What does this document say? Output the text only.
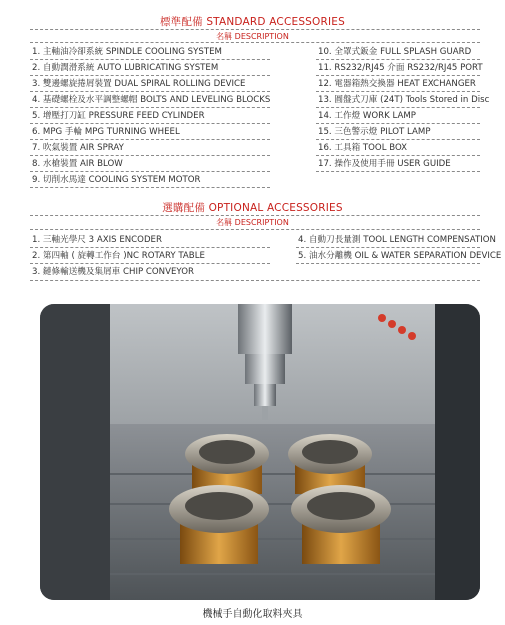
標準配備 STANDARD ACCESSORIES
名稱 DESCRIPTION
1. 主軸油冷卻系統 SPINDLE COOLING SYSTEM
2. 自動潤滑系統 AUTO LUBRICATING SYSTEM
3. 雙邊螺旋捲屑裝置 DUAL SPIRAL ROLLING DEVICE
4. 基礎螺栓及水平調整螺帽 BOLTS AND LEVELING BLOCKS
5. 增壓打刀缸 PRESSURE FEED CYLINDER
6. MPG 手輪 MPG TURNING WHEEL
7. 吹氣裝置 AIR SPRAY
8. 水槍裝置 AIR BLOW
9. 切削水馬達 COOLING SYSTEM MOTOR
10. 全罩式鈑金 FULL SPLASH GUARD
11. RS232/RJ45 介面 RS232/RJ45 PORT
12. 電器箱熱交換器 HEAT EXCHANGER
13. 圓盤式刀庫 (24T) Tools Stored in Disc
14. 工作燈 WORK LAMP
15. 三色警示燈 PILOT LAMP
16. 工具箱 TOOL BOX
17. 操作及使用手冊 USER GUIDE
選購配備 OPTIONAL ACCESSORIES
名稱 DESCRIPTION
1. 三軸光學尺 3 AXIS ENCODER
2. 第四軸 ( 旋轉工作台 )NC ROTARY TABLE
3. 鏈條輸送機及集屑車 CHIP CONVEYOR
4. 自動刀長量測 TOOL LENGTH COMPENSATION
5. 油水分離機 OIL & WATER SEPARATION DEVICE
機械手自動化取料夾具
